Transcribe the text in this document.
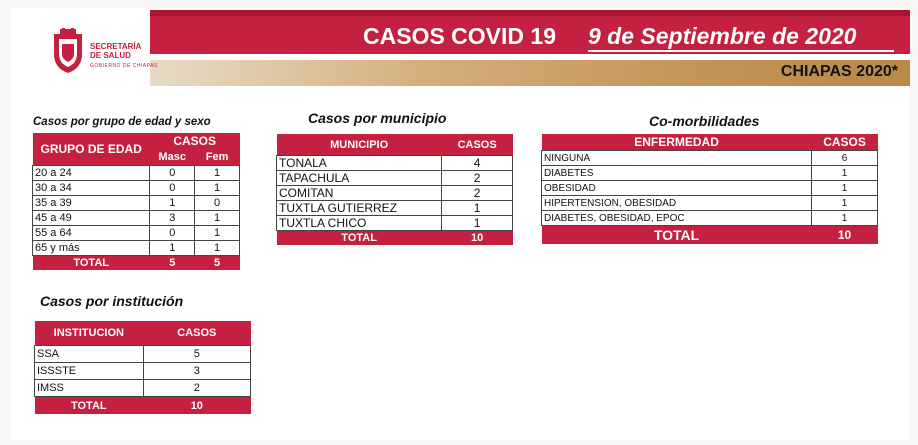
SECRETARÍA
DE SALUD
GOBIERNO DE CHIAPAS
CASOS COVID 19 9 de Septiembre de 2020
CHIAPAS 2020*
Casos por grupo de edad y sexo
GRUPO DE EDAD	CASOS	
	Masc	Fem
20 a 24	0	1
30 a 34	0	1
35 a 39	1	0
45 a 49	3	1
55 a 64	0	1
65 y más	1	1
TOTAL	5	5
Casos por municipio
MUNICIPIO	CASOS
TONALA	4
TAPACHULA	2
COMITAN	2
TUXTLA GUTIERREZ	1
TUXTLA CHICO	1
TOTAL	10
Co-morbilidades
ENFERMEDAD	CASOS
NINGUNA	6
DIABETES	1
OBESIDAD	1
HIPERTENSION, OBESIDAD	1
DIABETES, OBESIDAD, EPOC	1
TOTAL	10
Casos por institución
INSTITUCION	CASOS
SSA	5
ISSSTE	3
IMSS	2
TOTAL	10
